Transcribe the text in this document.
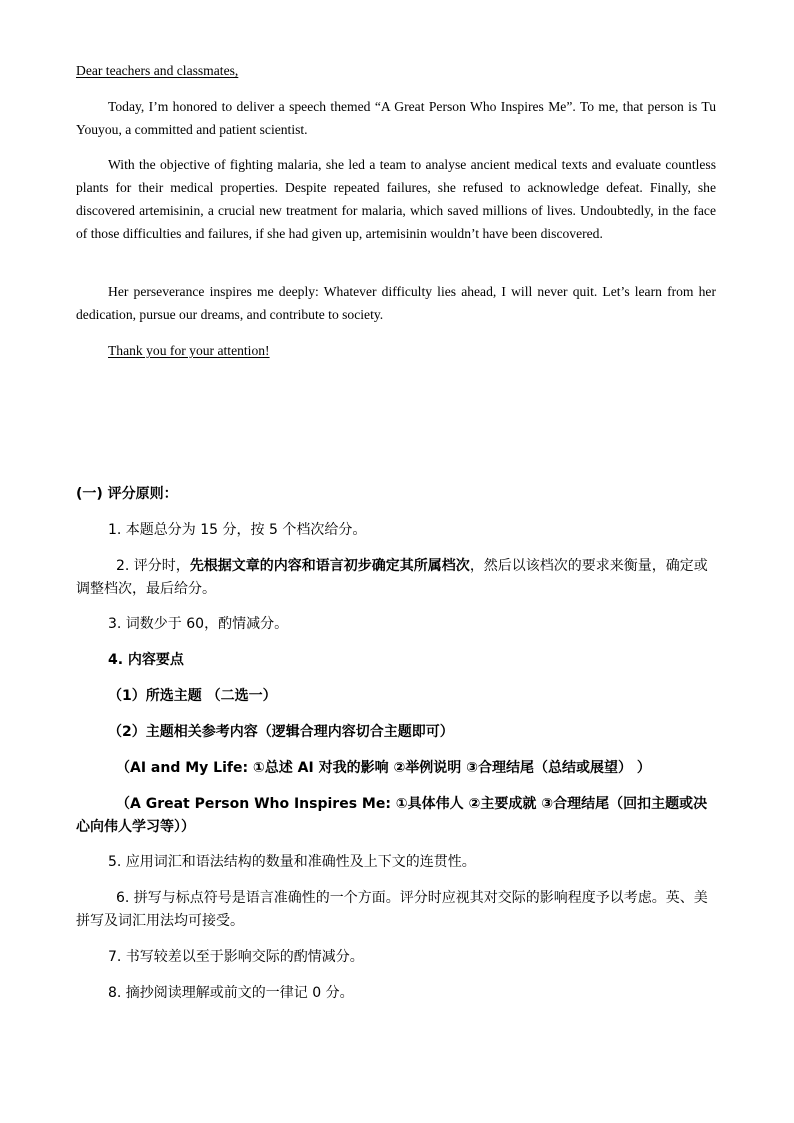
Dear teachers and classmates,
Today, I’m honored to deliver a speech themed “A Great Person Who Inspires Me”. To me, that person is Tu Youyou, a committed and patient scientist.
With the objective of fighting malaria, she led a team to analyse ancient medical texts and evaluate countless plants for their medical properties. Despite repeated failures, she refused to acknowledge defeat. Finally, she discovered artemisinin, a crucial new treatment for malaria, which saved millions of lives. Undoubtedly, in the face of those difficulties and failures, if she had given up, artemisinin wouldn’t have been discovered.
Her perseverance inspires me deeply: Whatever difficulty lies ahead, I will never quit. Let’s learn from her dedication, pursue our dreams, and contribute to society.
Thank you for your attention!
(一) 评分原则：
1. 本题总分为 15 分，按 5 个档次给分。
2. 评分时，先根据文章的内容和语言初步确定其所属档次，然后以该档次的要求来衡量，确定或调整档次，最后给分。
3. 词数少于 60，酌情减分。
4. 内容要点
（1）所选主题 （二选一）
（2）主题相关参考内容（逻辑合理内容切合主题即可）
（AI and My Life: ①总述 AI 对我的影响 ②举例说明 ③合理结尾（总结或展望） ）
（A Great Person Who Inspires Me: ①具体伟人 ②主要成就 ③合理结尾（回扣主题或决心向伟人学习等））
5. 应用词汇和语法结构的数量和准确性及上下文的连贯性。
6. 拼写与标点符号是语言准确性的一个方面。评分时应视其对交际的影响程度予以考虑。英、美拼写及词汇用法均可接受。
7. 书写较差以至于影响交际的酌情减分。
8. 摘抄阅读理解或前文的一律记 0 分。
